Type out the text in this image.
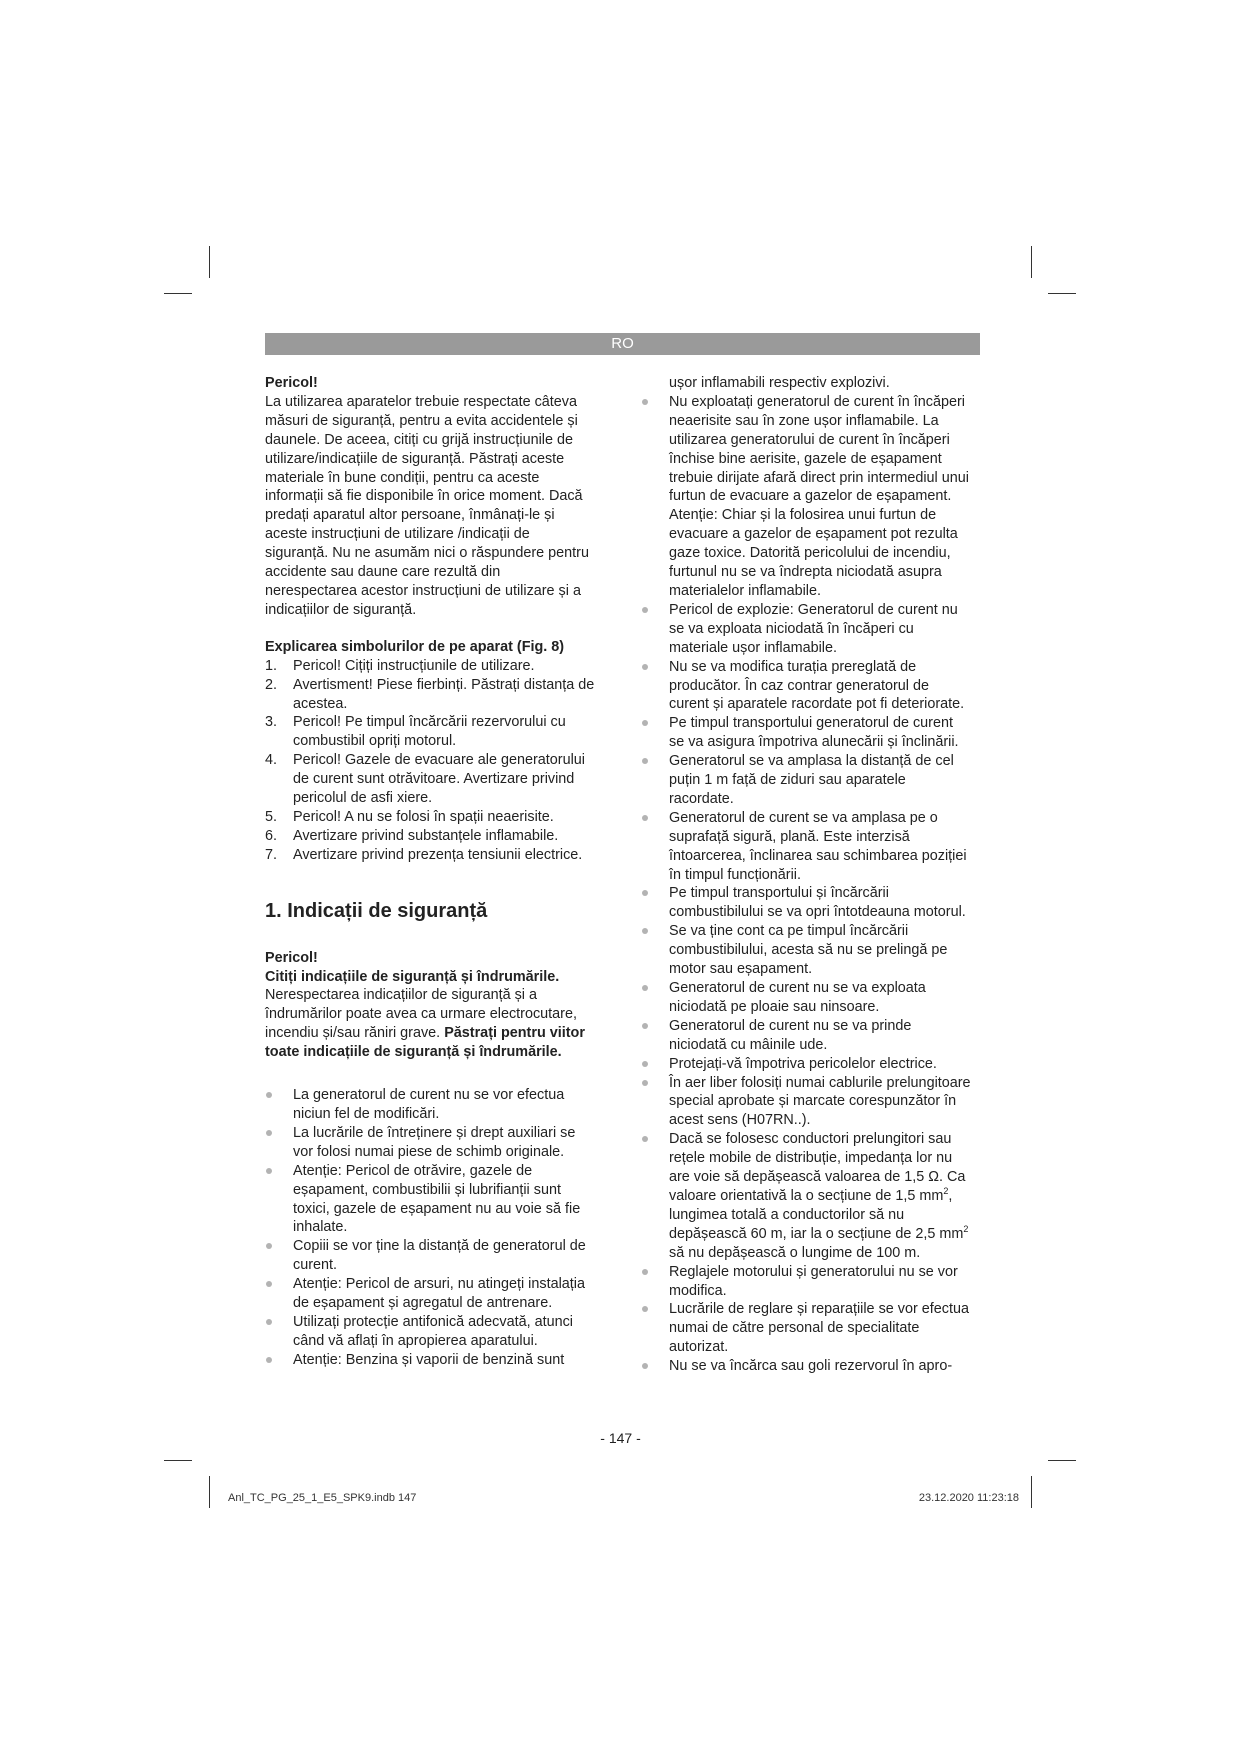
RO

Pericol!

La utilizarea aparatelor trebuie respectate câteva măsuri de siguranță, pentru a evita accidentele și daunele. De aceea, citiți cu grijă instrucțiunile de utilizare/indicațiile de siguranță. Păstrați aceste materiale în bune condiții, pentru ca aceste informații să fie disponibile în orice moment. Dacă predați aparatul altor persoane, înmânați-le și aceste instrucțiuni de utilizare /indicații de siguranță. Nu ne asumăm nici o răspundere pentru accidente sau daune care rezultă din nerespectarea acestor instrucțiuni de utilizare și a indicațiilor de siguranță.

Explicarea simbolurilor de pe aparat (Fig. 8)

1. Pericol! Cițiți instrucțiunile de utilizare.
2. Avertisment! Piese fierbinți. Păstrați distanța de acestea.
3. Pericol! Pe timpul încărcării rezervorului cu combustibil opriți motorul.
4. Pericol! Gazele de evacuare ale generatorului de curent sunt otrăvitoare. Avertizare privind pericolul de asfi xiere.
5. Pericol! A nu se folosi în spații neaerisite.
6. Avertizare privind substanțele inflamabile.
7. Avertizare privind prezența tensiunii electrice.
1. Indicații de siguranță

Pericol!

Citiți indicațiile de siguranță și îndrumările.

Nerespectarea indicațiilor de siguranță și a îndrumărilor poate avea ca urmare electrocutare, incendiu și/sau răniri grave. Păstrați pentru viitor toate indicațiile de siguranță și îndrumările.

La generatorul de curent nu se vor efectua niciun fel de modificări.
La lucrările de întreținere și drept auxiliari se vor folosi numai piese de schimb originale.
Atenție: Pericol de otrăvire, gazele de eșapament, combustibilii și lubrifianții sunt toxici, gazele de eșapament nu au voie să fie inhalate.
Copiii se vor ține la distanță de generatorul de curent.
Atenție: Pericol de arsuri, nu atingeți instalația de eșapament și agregatul de antrenare.
Utilizați protecție antifonică adecvată, atunci când vă aflați în apropierea aparatului.
Atenție: Benzina și vaporii de benzină sunt
ușor inflamabili respectiv explozivi.
Nu exploatați generatorul de curent în încăperi neaerisite sau în zone ușor inflamabile. La utilizarea generatorului de curent în încăperi închise bine aerisite, gazele de eșapament trebuie dirijate afară direct prin intermediul unui furtun de evacuare a gazelor de eșapament. Atenție: Chiar și la folosirea unui furtun de evacuare a gazelor de eșapament pot rezulta gaze toxice. Datorită pericolului de incendiu, furtunul nu se va îndrepta niciodată asupra materialelor inflamabile.
Pericol de explozie: Generatorul de curent nu se va exploata niciodată în încăperi cu materiale ușor inflamabile.
Nu se va modifica turația prereglată de producător. În caz contrar generatorul de curent și aparatele racordate pot fi deteriorate.
Pe timpul transportului generatorul de curent se va asigura împotriva alunecării și înclinării.
Generatorul se va amplasa la distanță de cel puțin 1 m față de ziduri sau aparatele racordate.
Generatorul de curent se va amplasa pe o suprafață sigură, plană. Este interzisă întoarcerea, înclinarea sau schimbarea poziției în timpul funcționării.
Pe timpul transportului și încărcării combustibilului se va opri întotdeauna motorul.
Se va ține cont ca pe timpul încărcării combustibilului, acesta să nu se prelingă pe motor sau eșapament.
Generatorul de curent nu se va exploata niciodată pe ploaie sau ninsoare.
Generatorul de curent nu se va prinde niciodată cu mâinile ude.
Protejați-vă împotriva pericolelor electrice.
În aer liber folosiți numai cablurile prelungitoare special aprobate și marcate corespunzător în acest sens (H07RN..).
Dacă se folosesc conductori prelungitori sau rețele mobile de distribuție, impedanța lor nu are voie să depășească valoarea de 1,5 Ω. Ca valoare orientativă la o secțiune de 1,5 $mm^2$, lungimea totală a conductorilor să nu depășească 60 m, iar la o secțiune de 2,5 $mm^2$ să nu depășească o lungime de 100 m.
Reglajele motorului și generatorului nu se vor modifica.
Lucrările de reglare și reparațiile se vor efectua numai de către personal de specialitate autorizat.
Nu se va încărca sau goli rezervorul în apro-
- 147 -
Anl_TC_PG_25_1_E5_SPK9.indb 147	23.12.2020 11:23:18
